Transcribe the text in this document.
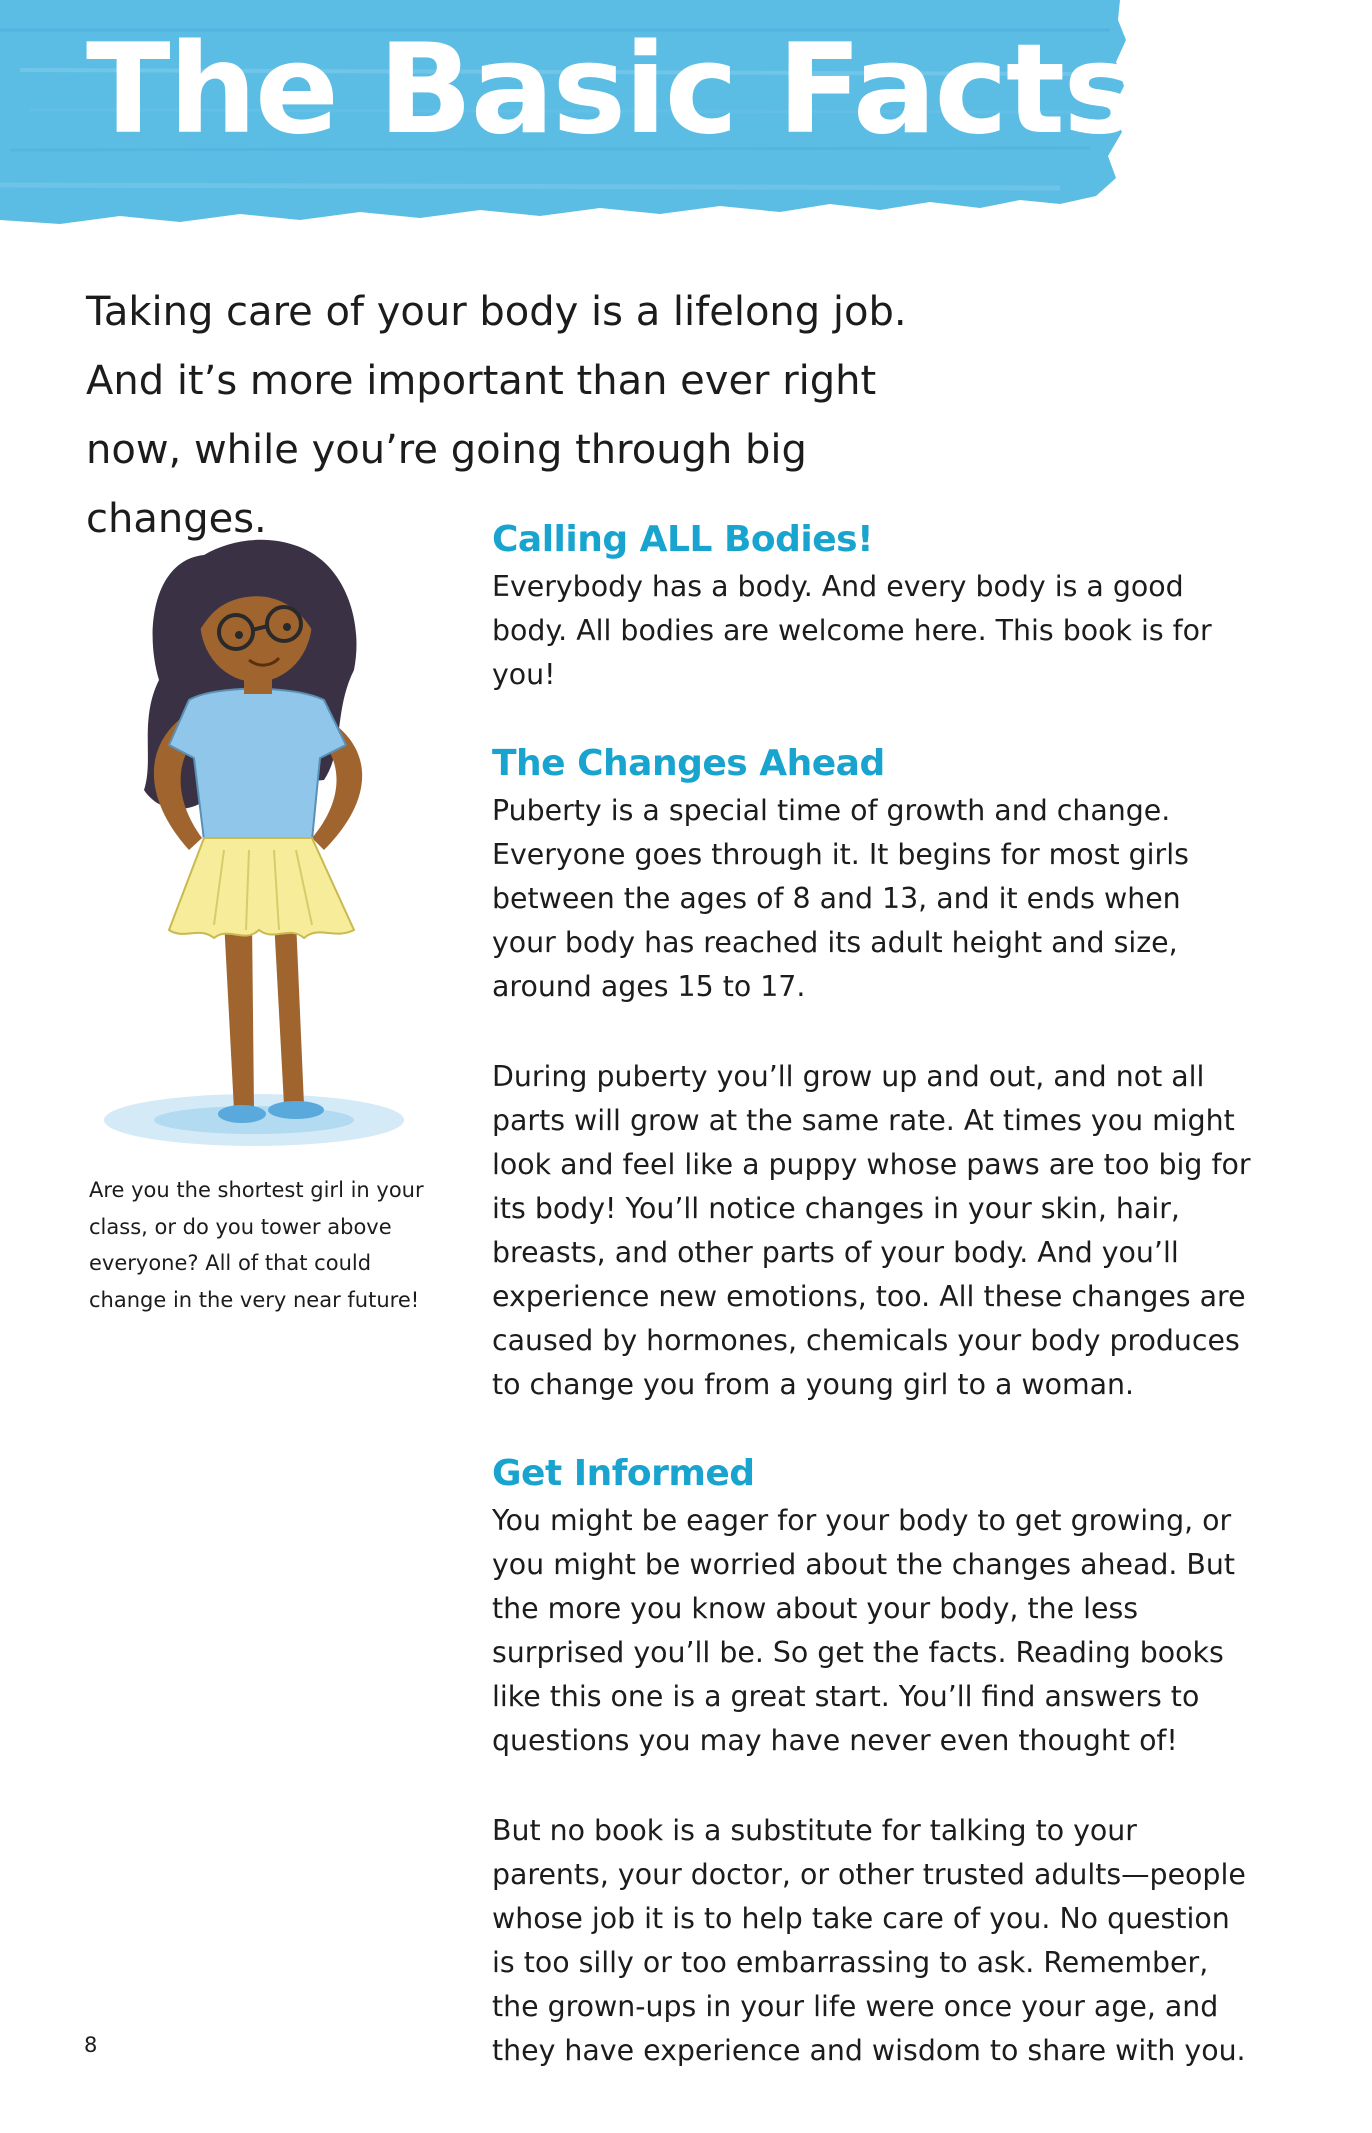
The Basic Facts

Taking care of your body is a lifelong job. And it’s more important than ever right now, while you’re going through big changes.

Are you the shortest girl in your class, or do you tower above everyone? All of that could change in the very near future!

Calling ALL Bodies!

Everybody has a body. And every body is a good body. All bodies are welcome here. This book is for you!

The Changes Ahead

Puberty is a special time of growth and change. Everyone goes through it. It begins for most girls between the ages of 8 and 13, and it ends when your body has reached its adult height and size, around ages 15 to 17.

During puberty you’ll grow up and out, and not all parts will grow at the same rate. At times you might look and feel like a puppy whose paws are too big for its body! You’ll notice changes in your skin, hair, breasts, and other parts of your body. And you’ll experience new emotions, too. All these changes are caused by hormones, chemicals your body produces to change you from a young girl to a woman.

Get Informed

You might be eager for your body to get growing, or you might be worried about the changes ahead. But the more you know about your body, the less surprised you’ll be. So get the facts. Reading books like this one is a great start. You’ll find answers to questions you may have never even thought of!

But no book is a substitute for talking to your parents, your doctor, or other trusted adults—people whose job it is to help take care of you. No question is too silly or too embarrassing to ask. Remember, the grown-ups in your life were once your age, and they have experience and wisdom to share with you.

8
